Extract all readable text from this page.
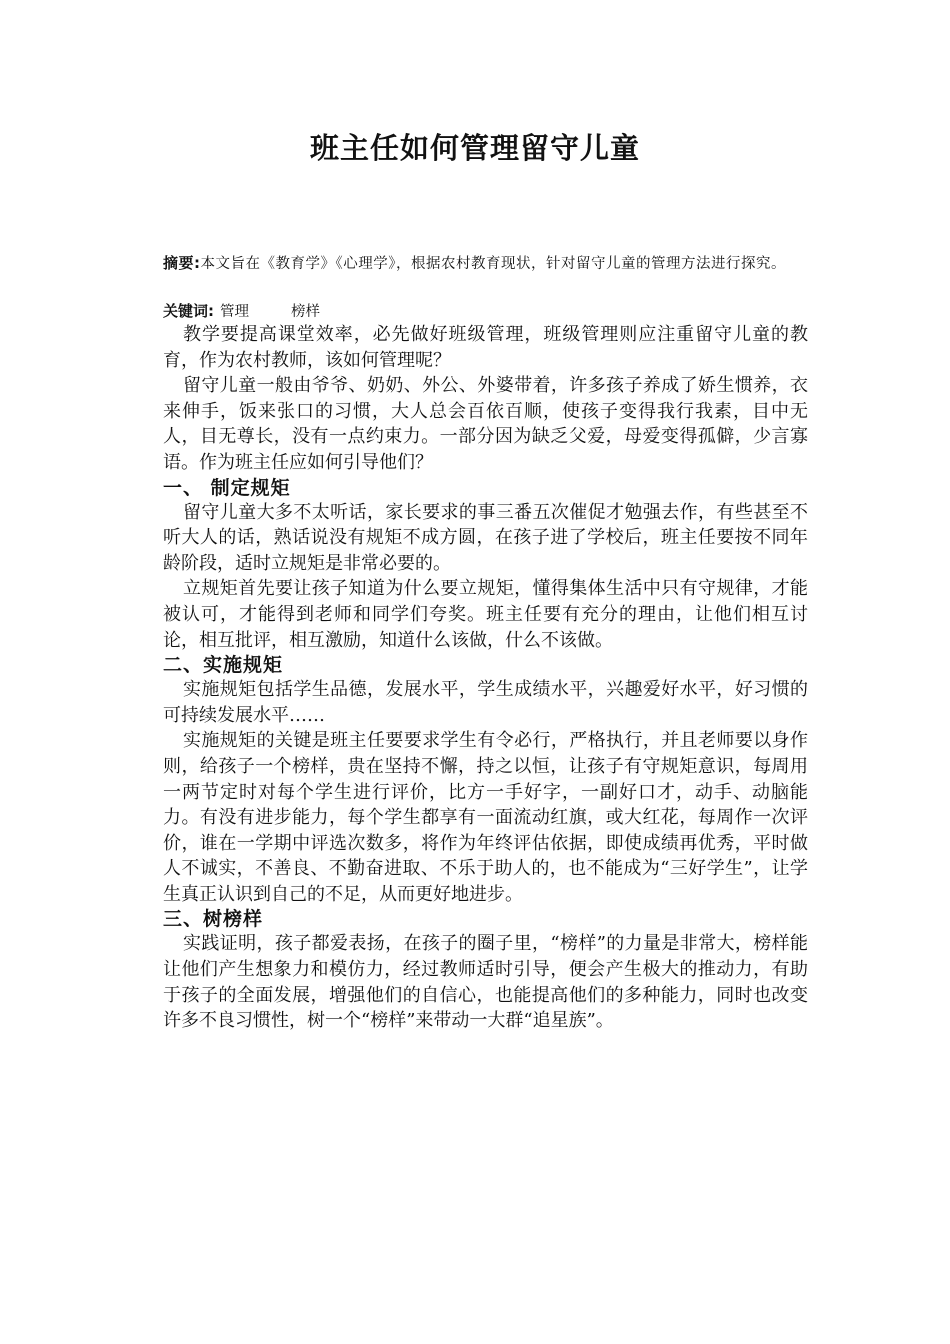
班主任如何管理留守儿童
摘要:本文旨在《教育学》《心理学》，根据农村教育现状，针对留守儿童的管理方法进行探究。
关键词: 管理	榜样

教学要提高课堂效率，必先做好班级管理，班级管理则应注重留守儿童的教育，作为农村教师，该如何管理呢？

留守儿童一般由爷爷、奶奶、外公、外婆带着，许多孩子养成了娇生惯养，衣来伸手，饭来张口的习惯，大人总会百依百顺，使孩子变得我行我素，目中无人，目无尊长，没有一点约束力。一部分因为缺乏父爱，母爱变得孤僻，少言寡语。作为班主任应如何引导他们？

一、 制定规矩

留守儿童大多不太听话，家长要求的事三番五次催促才勉强去作，有些甚至不听大人的话，熟话说没有规矩不成方圆，在孩子进了学校后，班主任要按不同年龄阶段，适时立规矩是非常必要的。

立规矩首先要让孩子知道为什么要立规矩，懂得集体生活中只有守规律，才能被认可，才能得到老师和同学们夸奖。班主任要有充分的理由，让他们相互讨论，相互批评，相互激励，知道什么该做，什么不该做。

二、实施规矩

实施规矩包括学生品德，发展水平，学生成绩水平，兴趣爱好水平，好习惯的可持续发展水平……

实施规矩的关键是班主任要要求学生有令必行，严格执行，并且老师要以身作则，给孩子一个榜样，贵在坚持不懈，持之以恒，让孩子有守规矩意识，每周用一两节定时对每个学生进行评价，比方一手好字，一副好口才，动手、动脑能力。有没有进步能力，每个学生都享有一面流动红旗，或大红花，每周作一次评价，谁在一学期中评选次数多，将作为年终评估依据，即使成绩再优秀，平时做人不诚实，不善良、不勤奋进取、不乐于助人的，也不能成为“三好学生”，让学生真正认识到自己的不足，从而更好地进步。

三、树榜样

实践证明，孩子都爱表扬，在孩子的圈子里，“榜样”的力量是非常大，榜样能让他们产生想象力和模仿力，经过教师适时引导，便会产生极大的推动力，有助于孩子的全面发展，增强他们的自信心，也能提高他们的多种能力，同时也改变许多不良习惯性，树一个“榜样”来带动一大群“追星族”。
